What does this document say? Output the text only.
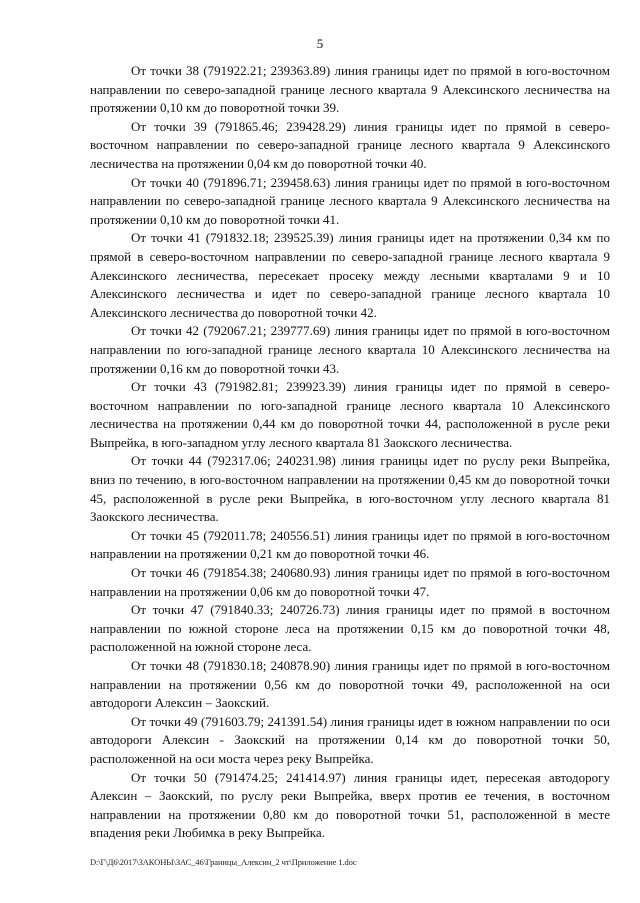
5

От точки 38 (791922.21; 239363.89) линия границы идет по прямой в юго-восточном направлении по северо-западной границе лесного квартала 9 Алексинского лесничества на протяжении 0,10 км до поворотной точки 39.

От точки 39 (791865.46; 239428.29) линия границы идет по прямой в северо-восточном направлении по северо-западной границе лесного квартала 9 Алексинского лесничества на протяжении 0,04 км до поворотной точки 40.

От точки 40 (791896.71; 239458.63) линия границы идет по прямой в юго-восточном направлении по северо-западной границе лесного квартала 9 Алексинского лесничества на протяжении 0,10 км до поворотной точки 41.

От точки 41 (791832.18; 239525.39) линия границы идет на протяжении 0,34 км по прямой в северо-восточном направлении по северо-западной границе лесного квартала 9 Алексинского лесничества, пересекает просеку между лесными кварталами 9 и 10 Алексинского лесничества и идет по северо-западной границе лесного квартала 10 Алексинского лесничества до поворотной точки 42.

От точки 42 (792067.21; 239777.69) линия границы идет по прямой в юго-восточном направлении по юго-западной границе лесного квартала 10 Алексинского лесничества на протяжении 0,16 км до поворотной точки 43.

От точки 43 (791982.81; 239923.39) линия границы идет по прямой в северо-восточном направлении по юго-западной границе лесного квартала 10 Алексинского лесничества на протяжении 0,44 км до поворотной точки 44, расположенной в русле реки Выпрейка, в юго-западном углу лесного квартала 81 Заокского лесничества.

От точки 44 (792317.06; 240231.98) линия границы идет по руслу реки Выпрейка, вниз по течению, в юго-восточном направлении на протяжении 0,45 км до поворотной точки 45, расположенной в русле реки Выпрейка, в юго-восточном углу лесного квартала 81 Заокского лесничества.

От точки 45 (792011.78; 240556.51) линия границы идет по прямой в юго-восточном направлении на протяжении 0,21 км до поворотной точки 46.

От точки 46 (791854.38; 240680.93) линия границы идет по прямой в юго-восточном направлении на протяжении 0,06 км до поворотной точки 47.

От точки 47 (791840.33; 240726.73) линия границы идет по прямой в восточном направлении по южной стороне леса на протяжении 0,15 км до поворотной точки 48, расположенной на южной стороне леса.

От точки 48 (791830.18; 240878.90) линия границы идет по прямой в юго-восточном направлении на протяжении 0,56 км до поворотной точки 49, расположенной на оси автодороги Алексин – Заокский.

От точки 49 (791603.79; 241391.54) линия границы идет в южном направлении по оси автодороги Алексин - Заокский на протяжении 0,14 км до поворотной точки 50, расположенной на оси моста через реку Выпрейка.

От точки 50 (791474.25; 241414.97) линия границы идет, пересекая автодорогу Алексин – Заокский, по руслу реки Выпрейка, вверх против ее течения, в восточном направлении на протяжении 0,80 км до поворотной точки 51, расположенной в месте впадения реки Любимка в реку Выпрейка.

D:\Г\Д6\2017\ЗАКОНЫ\ЗАС_46\Границы_Алексин_2 чт\Приложение 1.doc
